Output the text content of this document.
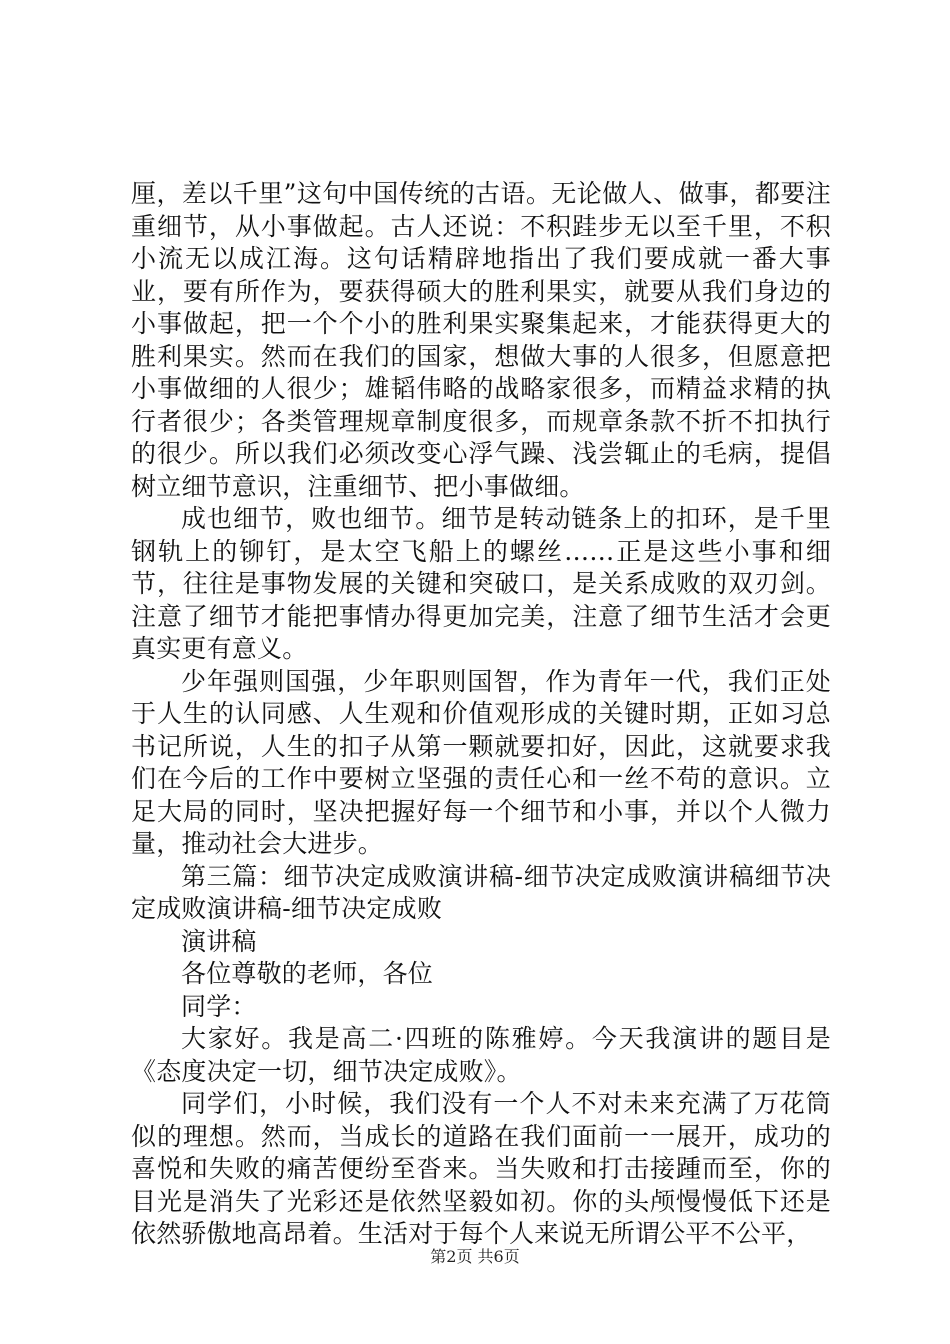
厘，差以千里”这句中国传统的古语。无论做人、做事，都要注重细节，从小事做起。古人还说：不积跬步无以至千里，不积小流无以成江海。这句话精辟地指出了我们要成就一番大事业，要有所作为，要获得硕大的胜利果实，就要从我们身边的小事做起，把一个个小的胜利果实聚集起来，才能获得更大的胜利果实。然而在我们的国家，想做大事的人很多，但愿意把小事做细的人很少；雄韬伟略的战略家很多，而精益求精的执行者很少；各类管理规章制度很多，而规章条款不折不扣执行的很少。所以我们必须改变心浮气躁、浅尝辄止的毛病，提倡树立细节意识，注重细节、把小事做细。

成也细节，败也细节。细节是转动链条上的扣环，是千里钢轨上的铆钉，是太空飞船上的螺丝……正是这些小事和细节，往往是事物发展的关键和突破口，是关系成败的双刃剑。注意了细节才能把事情办得更加完美，注意了细节生活才会更真实更有意义。

少年强则国强，少年职则国智，作为青年一代，我们正处于人生的认同感、人生观和价值观形成的关键时期，正如习总书记所说，人生的扣子从第一颗就要扣好，因此，这就要求我们在今后的工作中要树立坚强的责任心和一丝不苟的意识。立足大局的同时，坚决把握好每一个细节和小事，并以个人微力量，推动社会大进步。

第三篇：细节决定成败演讲稿-细节决定成败演讲稿细节决定成败演讲稿-细节决定成败

演讲稿

各位尊敬的老师，各位

同学：

大家好。我是高二·四班的陈雅婷。今天我演讲的题目是《态度决定一切，细节决定成败》。

同学们，小时候，我们没有一个人不对未来充满了万花筒似的理想。然而，当成长的道路在我们面前一一展开，成功的喜悦和失败的痛苦便纷至沓来。当失败和打击接踵而至，你的目光是消失了光彩还是依然坚毅如初。你的头颅慢慢低下还是依然骄傲地高昂着。生活对于每个人来说无所谓公平不公平，

第2页 共6页
